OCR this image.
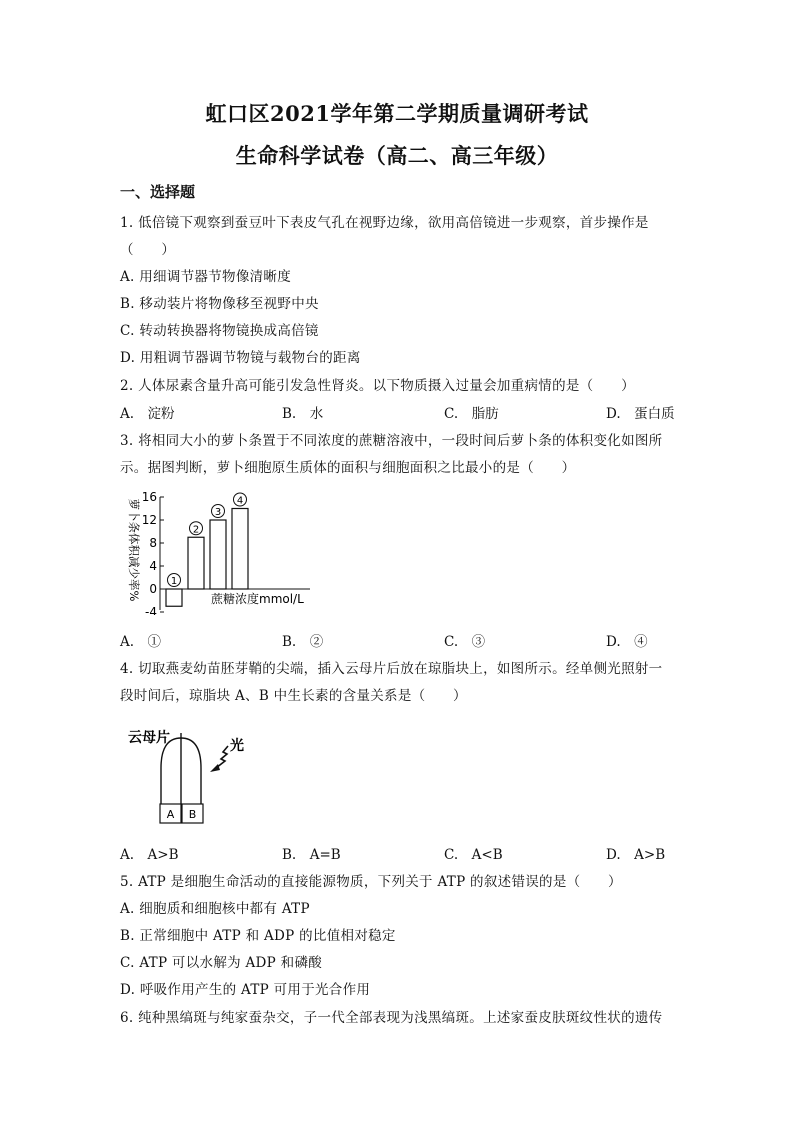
虹口区2021学年第二学期质量调研考试
生命科学试卷（高二、高三年级）
一、选择题
1. 低倍镜下观察到蚕豆叶下表皮气孔在视野边缘，欲用高倍镜进一步观察，首步操作是
（　　）
A. 用细调节器节物像清晰度
B. 移动装片将物像移至视野中央
C. 转动转换器将物镜换成高倍镜
D. 用粗调节器调节物镜与载物台的距离
2. 人体尿素含量升高可能引发急性肾炎。以下物质摄入过量会加重病情的是（　　）
A.　淀粉	B.　水	C.　脂肪	D.　蛋白质
3. 将相同大小的萝卜条置于不同浓度的蔗糖溶液中，一段时间后萝卜条的体积变化如图所
示。据图判断，萝卜细胞原生质体的面积与细胞面积之比最小的是（　　）
萝卜条体积减少率%
16
12
8
4
0
-4
1
2
3
4
蔗糖浓度mmol/L
A.　①	B.　②	C.　③	D.　④
4. 切取燕麦幼苗胚芽鞘的尖端，插入云母片后放在琼脂块上，如图所示。经单侧光照射一
段时间后，琼脂块 A、B 中生长素的含量关系是（　　）
云母片	光
A B
A.　A>B	B.　A=B	C.　A<B	D.　A>B
5. ATP 是细胞生命活动的直接能源物质，下列关于 ATP 的叙述错误的是（　　）
A. 细胞质和细胞核中都有 ATP
B. 正常细胞中 ATP 和 ADP 的比值相对稳定
C. ATP 可以水解为 ADP 和磷酸
D. 呼吸作用产生的 ATP 可用于光合作用
6. 纯种黑缟斑与纯家蚕杂交，子一代全部表现为浅黑缟斑。上述家蚕皮肤斑纹性状的遗传
